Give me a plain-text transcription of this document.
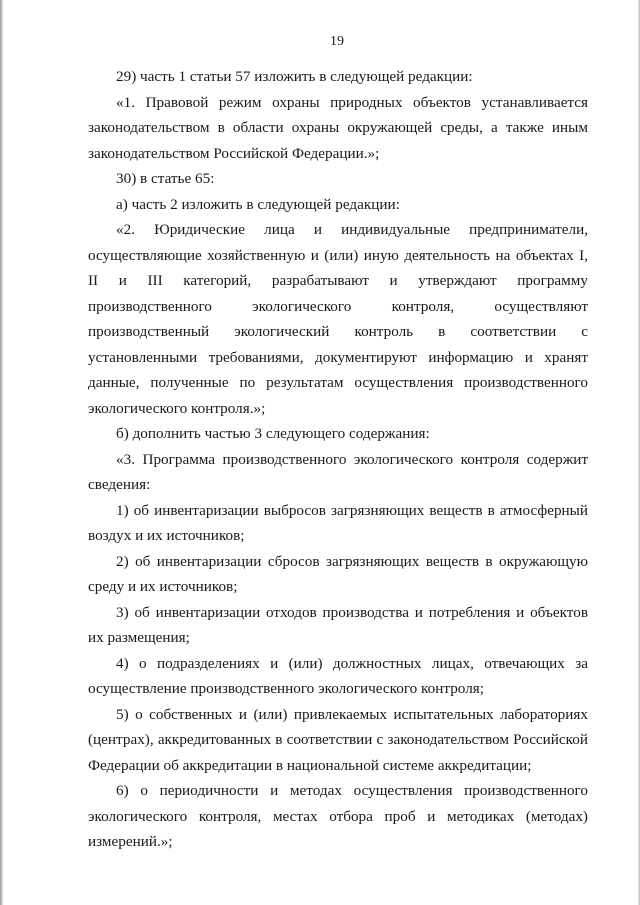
19

29) часть 1 статьи 57 изложить в следующей редакции:

«1. Правовой режим охраны природных объектов устанавливается законодательством в области охраны окружающей среды, а также иным законодательством Российской Федерации.»;

30) в статье 65:

а) часть 2 изложить в следующей редакции:

«2. Юридические лица и индивидуальные предприниматели, осуществляющие хозяйственную и (или) иную деятельность на объектах I, II и III категорий, разрабатывают и утверждают программу производственного экологического контроля, осуществляют производственный экологический контроль в соответствии с установленными требованиями, документируют информацию и хранят данные, полученные по результатам осуществления производственного экологического контроля.»;

б) дополнить частью 3 следующего содержания:

«3. Программа производственного экологического контроля содержит сведения:

1) об инвентаризации выбросов загрязняющих веществ в атмосферный воздух и их источников;

2) об инвентаризации сбросов загрязняющих веществ в окружающую среду и их источников;

3) об инвентаризации отходов производства и потребления и объектов их размещения;

4) о подразделениях и (или) должностных лицах, отвечающих за осуществление производственного экологического контроля;

5) о собственных и (или) привлекаемых испытательных лабораториях (центрах), аккредитованных в соответствии с законодательством Российской Федерации об аккредитации в национальной системе аккредитации;

6) о периодичности и методах осуществления производственного экологического контроля, местах отбора проб и методиках (методах) измерений.»;
